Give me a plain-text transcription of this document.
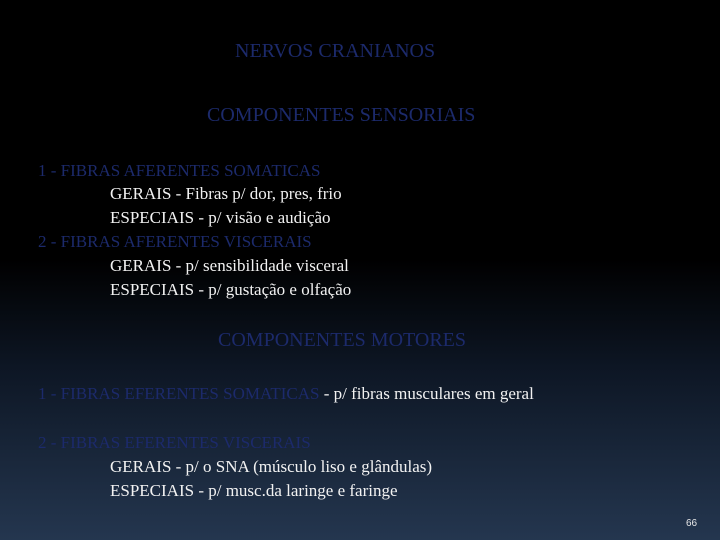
NERVOS CRANIANOS
COMPONENTES SENSORIAIS
1 - FIBRAS AFERENTES SOMATICAS
GERAIS - Fibras p/ dor, pres, frio
ESPECIAIS - p/ visão e audição
2 - FIBRAS AFERENTES VISCERAIS
GERAIS - p/ sensibilidade visceral
ESPECIAIS - p/ gustação e olfação
COMPONENTES MOTORES
1 - FIBRAS EFERENTES SOMATICAS - p/ fibras musculares em geral
2 - FIBRAS EFERENTES VISCERAIS
GERAIS - p/ o SNA (músculo liso e glândulas)
ESPECIAIS - p/ musc.da laringe e faringe
66
